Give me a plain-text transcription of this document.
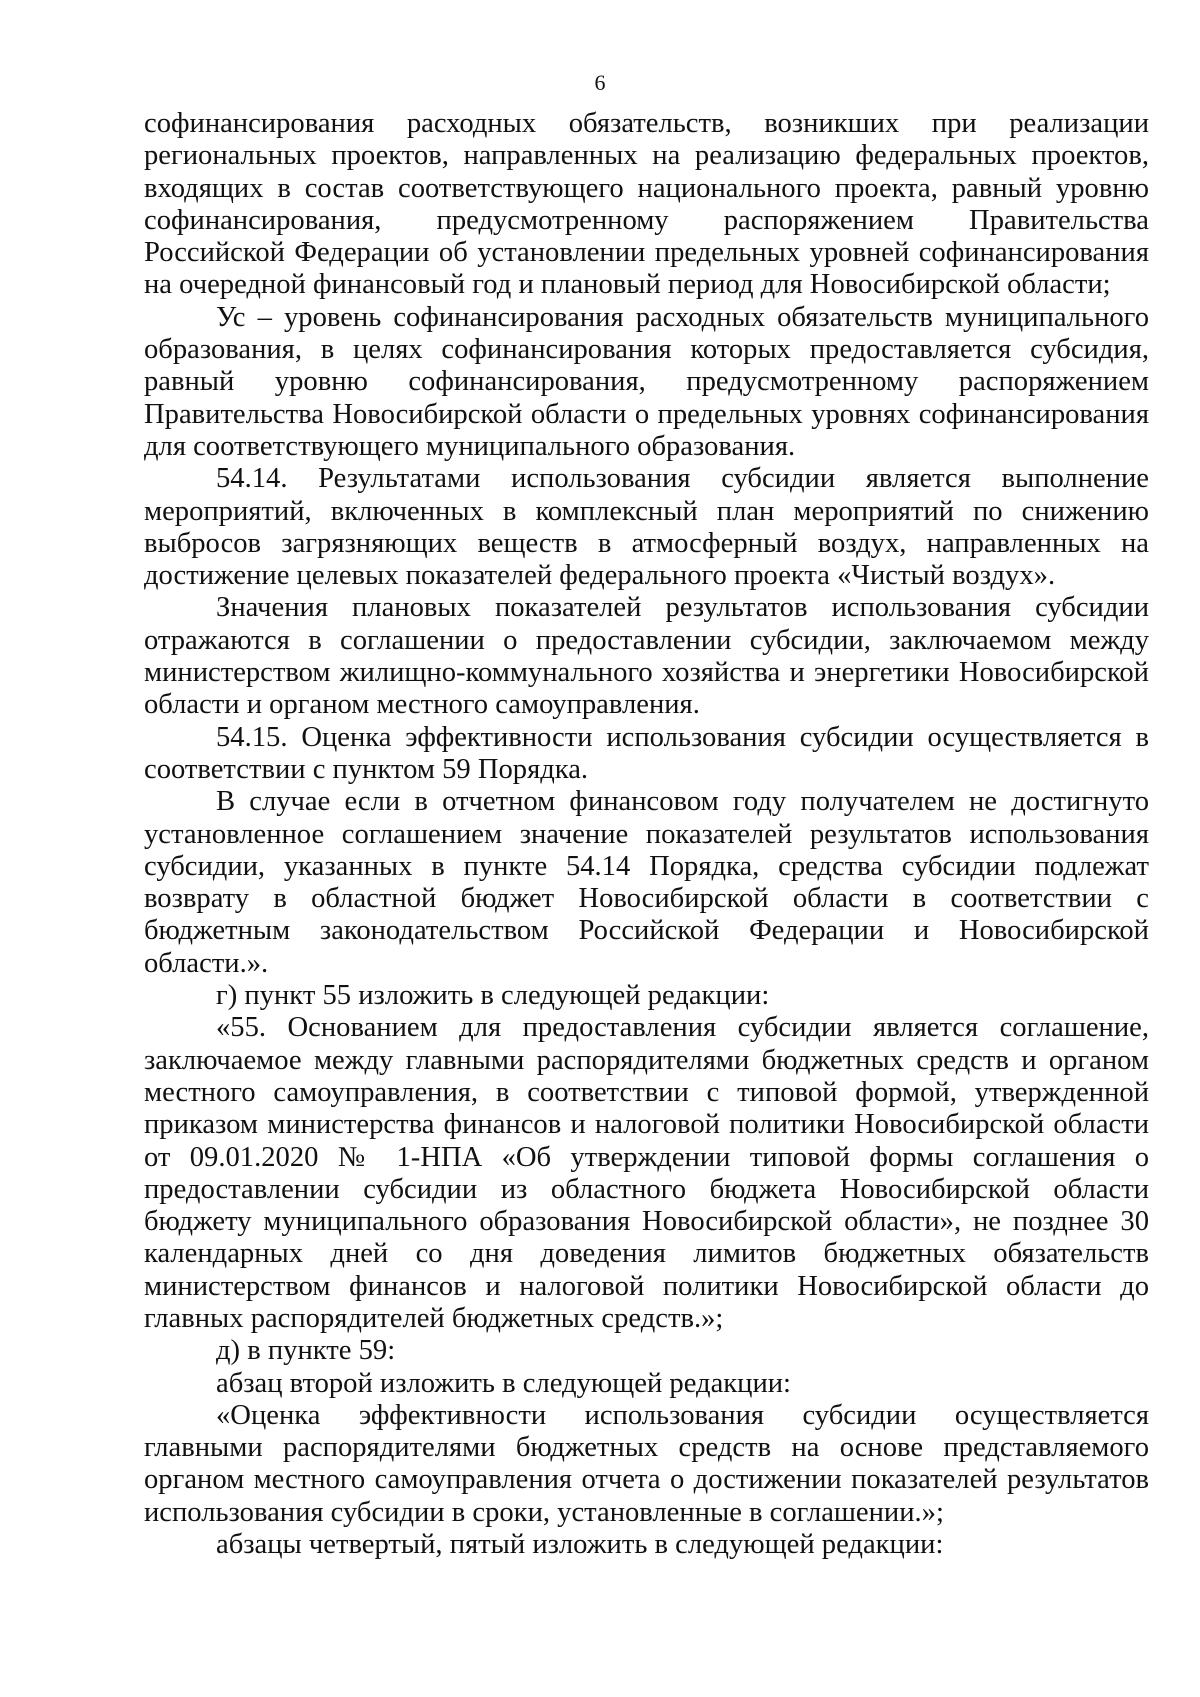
6

софинансирования расходных обязательств, возникших при реализации региональных проектов, направленных на реализацию федеральных проектов, входящих в состав соответствующего национального проекта, равный уровню софинансирования, предусмотренному распоряжением Правительства Российской Федерации об установлении предельных уровней софинансирования на очередной финансовый год и плановый период для Новосибирской области;

Ус – уровень софинансирования расходных обязательств муниципального образования, в целях софинансирования которых предоставляется субсидия, равный уровню софинансирования, предусмотренному распоряжением Правительства Новосибирской области о предельных уровнях софинансирования для соответствующего муниципального образования.

54.14. Результатами использования субсидии является выполнение мероприятий, включенных в комплексный план мероприятий по снижению выбросов загрязняющих веществ в атмосферный воздух, направленных на достижение целевых показателей федерального проекта «Чистый воздух».

Значения плановых показателей результатов использования субсидии отражаются в соглашении о предоставлении субсидии, заключаемом между министерством жилищно-коммунального хозяйства и энергетики Новосибирской области и органом местного самоуправления.

54.15. Оценка эффективности использования субсидии осуществляется в соответствии с пунктом 59 Порядка.

В случае если в отчетном финансовом году получателем не достигнуто установленное соглашением значение показателей результатов использования субсидии, указанных в пункте 54.14 Порядка, средства субсидии подлежат возврату в областной бюджет Новосибирской области в соответствии с бюджетным законодательством Российской Федерации и Новосибирской области.».

г) пункт 55 изложить в следующей редакции:

«55. Основанием для предоставления субсидии является соглашение, заключаемое между главными распорядителями бюджетных средств и органом местного самоуправления, в соответствии с типовой формой, утвержденной приказом министерства финансов и налоговой политики Новосибирской области от 09.01.2020 № 1-НПА «Об утверждении типовой формы соглашения о предоставлении субсидии из областного бюджета Новосибирской области бюджету муниципального образования Новосибирской области», не позднее 30 календарных дней со дня доведения лимитов бюджетных обязательств министерством финансов и налоговой политики Новосибирской области до главных распорядителей бюджетных средств.»;

д) в пункте 59:

абзац второй изложить в следующей редакции:

«Оценка эффективности использования субсидии осуществляется главными распорядителями бюджетных средств на основе представляемого органом местного самоуправления отчета о достижении показателей результатов использования субсидии в сроки, установленные в соглашении.»;

абзацы четвертый, пятый изложить в следующей редакции:
